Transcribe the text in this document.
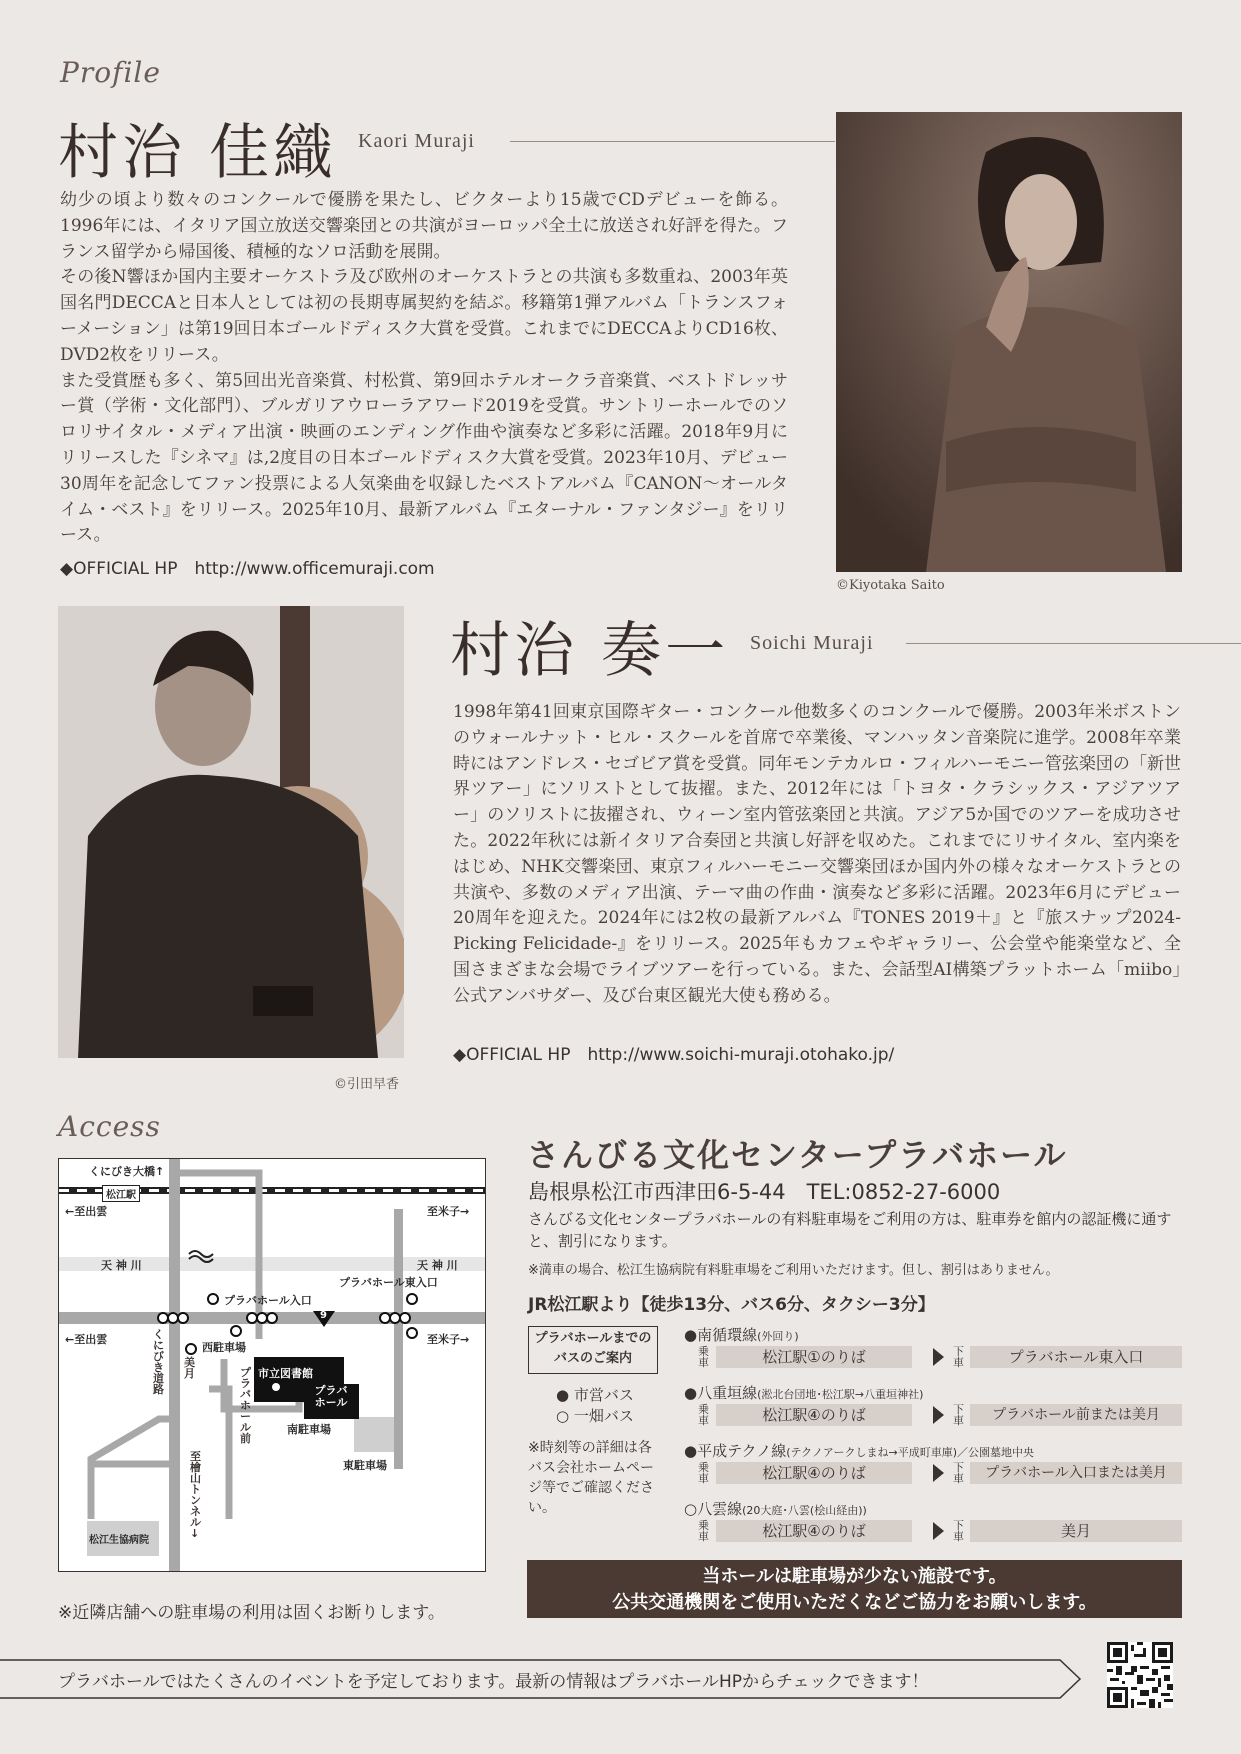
Profile
村治 佳織 Kaori Muraji

幼少の頃より数々のコンクールで優勝を果たし、ビクターより15歳でCDデビューを飾る。1996年には、イタリア国立放送交響楽団との共演がヨーロッパ全土に放送され好評を得た。フランス留学から帰国後、積極的なソロ活動を展開。

その後N響ほか国内主要オーケストラ及び欧州のオーケストラとの共演も多数重ね、2003年英国名門DECCAと日本人としては初の長期専属契約を結ぶ。移籍第1弾アルバム「トランスフォーメーション」は第19回日本ゴールドディスク大賞を受賞。これまでにDECCAよりCD16枚、DVD2枚をリリース。

また受賞歴も多く、第5回出光音楽賞、村松賞、第9回ホテルオークラ音楽賞、ベストドレッサー賞（学術・文化部門）、ブルガリアウローラアワード2019を受賞。サントリーホールでのソロリサイタル・メディア出演・映画のエンディング作曲や演奏など多彩に活躍。2018年9月にリリースした『シネマ』は,2度目の日本ゴールドディスク大賞を受賞。2023年10月、デビュー30周年を記念してファン投票による人気楽曲を収録したベストアルバム『CANON～オールタイム・ベスト』をリリース。2025年10月、最新アルバム『エターナル・ファンタジー』をリリース。

◆OFFICIAL HP　http://www.officemuraji.com
©Kiyotaka Saito
©引田早香
村治 奏一 Soichi Muraji
1998年第41回東京国際ギター・コンクール他数多くのコンクールで優勝。2003年米ボストンのウォールナット・ヒル・スクールを首席で卒業後、マンハッタン音楽院に進学。2008年卒業時にはアンドレス・セゴビア賞を受賞。同年モンテカルロ・フィルハーモニー管弦楽団の「新世界ツアー」にソリストとして抜擢。また、2012年には「トヨタ・クラシックス・アジアツアー」のソリストに抜擢され、ウィーン室内管弦楽団と共演。アジア5か国でのツアーを成功させた。2022年秋には新イタリア合奏団と共演し好評を収めた。これまでにリサイタル、室内楽をはじめ、NHK交響楽団、東京フィルハーモニー交響楽団ほか国内外の様々なオーケストラとの共演や、多数のメディア出演、テーマ曲の作曲・演奏など多彩に活躍。2023年6月にデビュー20周年を迎えた。2024年には2枚の最新アルバム『TONES 2019＋』と『旅スナップ2024-Picking Felicidade-』をリリース。2025年もカフェやギャラリー、公会堂や能楽堂など、全国さまざまな会場でライブツアーを行っている。また、会話型AI構築プラットホーム「miibo」公式アンバサダー、及び台東区観光大使も務める。
◆OFFICIAL HP　http://www.soichi-muraji.otohako.jp/
Access
くにびき大橋↑
松江駅
←至出雲	至米子→
天 神 川	天 神 川
プラバホール東入口
プラバホール入口
9
←至出雲	至米子→
くにびき道路
美月
西駐車場
市立図書館
プラバホール
プラバホール前
南駐車場
東駐車場
至檜山トンネル↓
松江生協病院
※近隣店舗への駐車場の利用は固くお断りします。
さんびる文化センタープラバホール
島根県松江市西津田6-5-44　TEL:0852-27-6000
さんびる文化センタープラバホールの有料駐車場をご利用の方は、駐車券を館内の認証機に通すと、割引になります。
※満車の場合、松江生協病院有料駐車場をご利用いただけます。但し、割引はありません。
JR松江駅より【徒歩13分、バス6分、タクシー3分】
プラバホールまでのバスのご案内
● 市営バス
○ 一畑バス
※時刻等の詳細は各バス会社ホームページ等でご確認ください。
●南循環線(外回り)
乗車	松江駅①のりば	下車	プラバホール東入口
●八重垣線(淞北台団地･松江駅→八重垣神社)
乗車	松江駅④のりば	下車	プラバホール前または美月
●平成テクノ線(テクノアークしまね→平成町車庫)／公園墓地中央
乗車	松江駅④のりば	下車	プラバホール入口または美月
○八雲線(20大庭･八雲(桧山経由))
乗車	松江駅④のりば	下車	美月
当ホールは駐車場が少ない施設です。
公共交通機関をご使用いただくなどご協力をお願いします。
プラバホールではたくさんのイベントを予定しております。最新の情報はプラバホールHPからチェックできます！
